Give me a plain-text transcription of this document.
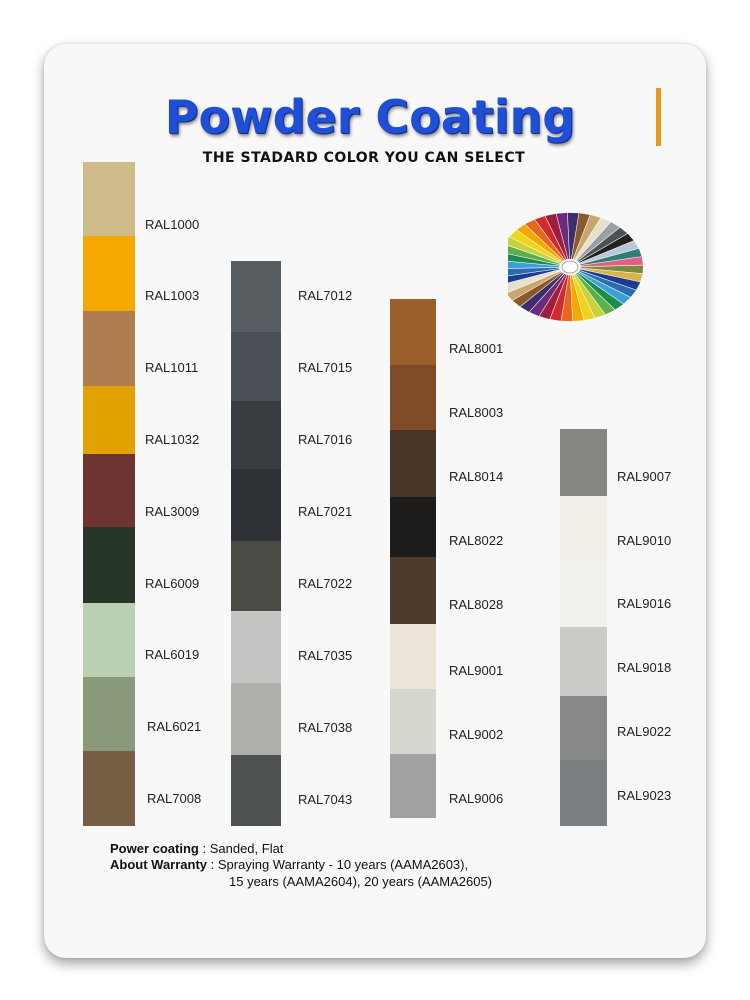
Powder Coating
THE STADARD COLOR YOU CAN SELECT
RAL1000
RAL1003
RAL1011
RAL1032
RAL3009
RAL6009
RAL6019
RAL6021
RAL7008
RAL7012
RAL7015
RAL7016
RAL7021
RAL7022
RAL7035
RAL7038
RAL7043
RAL8001
RAL8003
RAL8014
RAL8022
RAL8028
RAL9001
RAL9002
RAL9006
RAL9007
RAL9010
RAL9016
RAL9018
RAL9022
RAL9023
Power coating : Sanded, Flat
About Warranty : Spraying Warranty - 10 years (AAMA2603),
15 years (AAMA2604), 20 years (AAMA2605)
